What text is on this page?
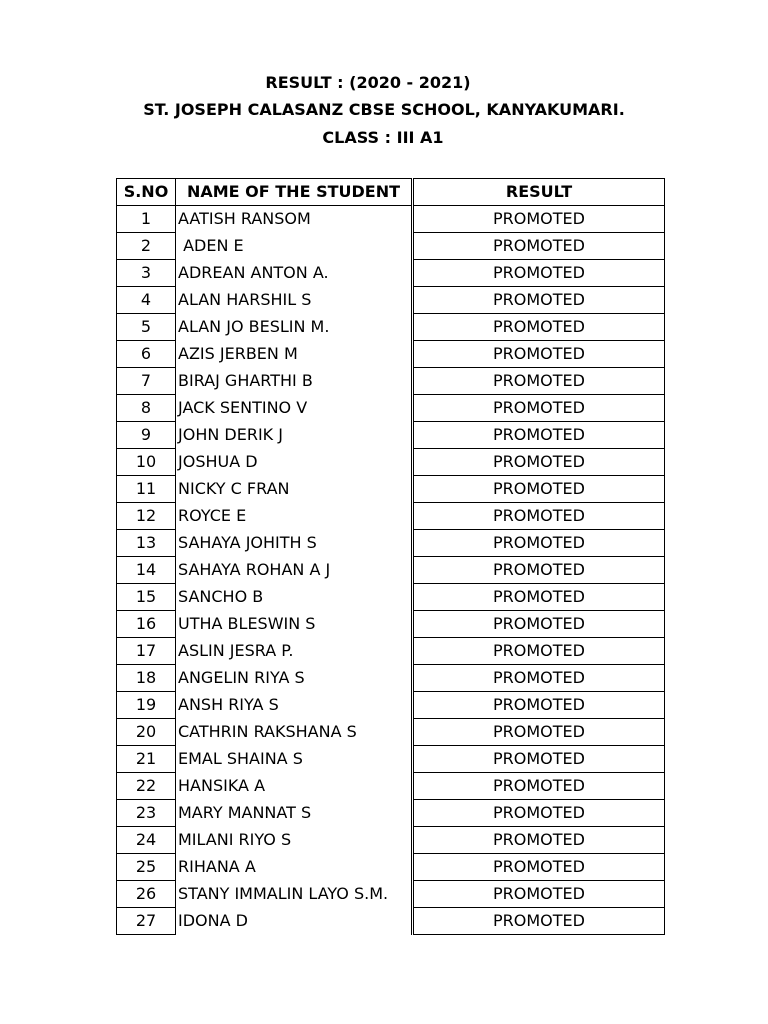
RESULT : (2020 - 2021)
ST. JOSEPH CALASANZ CBSE SCHOOL, KANYAKUMARI.
CLASS : III A1
S.NO	NAME OF THE STUDENT		RESULT
1	AATISH RANSOM		PROMOTED
2	ADEN E		PROMOTED
3	ADREAN ANTON A.		PROMOTED
4	ALAN HARSHIL S		PROMOTED
5	ALAN JO BESLIN M.		PROMOTED
6	AZIS JERBEN M		PROMOTED
7	BIRAJ GHARTHI B		PROMOTED
8	JACK SENTINO V		PROMOTED
9	JOHN DERIK J		PROMOTED
10	JOSHUA D		PROMOTED
11	NICKY C FRAN		PROMOTED
12	ROYCE E		PROMOTED
13	SAHAYA JOHITH S		PROMOTED
14	SAHAYA ROHAN A J		PROMOTED
15	SANCHO B		PROMOTED
16	UTHA BLESWIN S		PROMOTED
17	ASLIN JESRA P.		PROMOTED
18	ANGELIN RIYA S		PROMOTED
19	ANSH RIYA S		PROMOTED
20	CATHRIN RAKSHANA S		PROMOTED
21	EMAL SHAINA S		PROMOTED
22	HANSIKA A		PROMOTED
23	MARY MANNAT S		PROMOTED
24	MILANI RIYO S		PROMOTED
25	RIHANA A		PROMOTED
26	STANY IMMALIN LAYO S.M.		PROMOTED
27	IDONA D		PROMOTED
